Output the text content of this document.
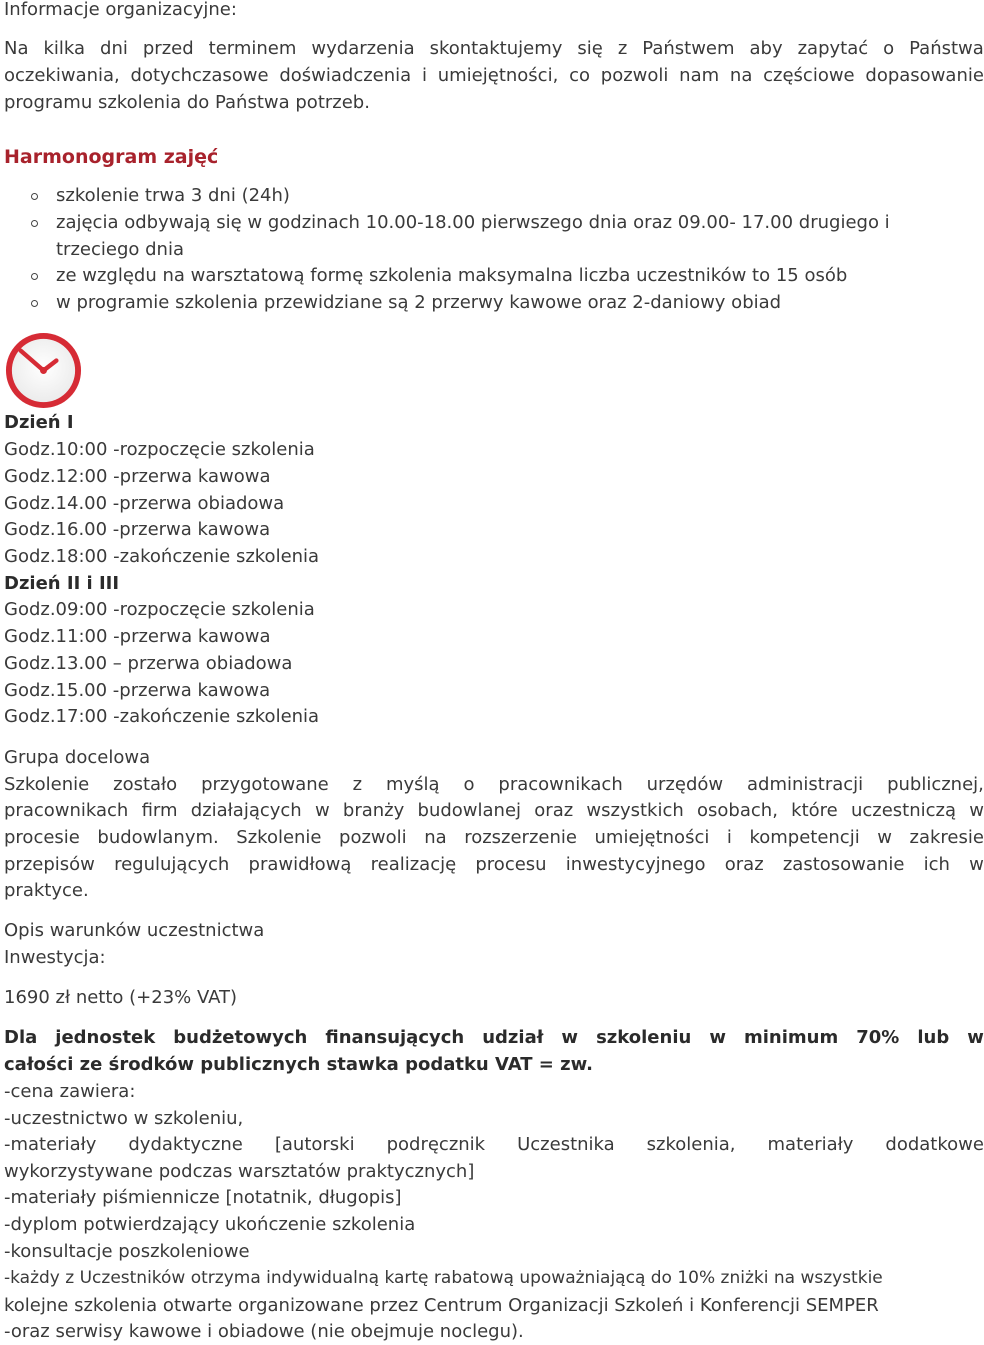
Informacje organizacyjne:
Na kilka dni przed terminem wydarzenia skontaktujemy się z Państwem aby zapytać o Państwa
oczekiwania, dotychczasowe doświadczenia i umiejętności, co pozwoli nam na częściowe dopasowanie
programu szkolenia do Państwa potrzeb.
Harmonogram zajęć
szkolenie trwa 3 dni (24h)
zajęcia odbywają się w godzinach 10.00-18.00 pierwszego dnia oraz 09.00- 17.00 drugiego i
trzeciego dnia
ze względu na warsztatową formę szkolenia maksymalna liczba uczestników to 15 osób
w programie szkolenia przewidziane są 2 przerwy kawowe oraz 2-daniowy obiad
Dzień I
Godz.10:00 -rozpoczęcie szkolenia
Godz.12:00 -przerwa kawowa
Godz.14.00 -przerwa obiadowa
Godz.16.00 -przerwa kawowa
Godz.18:00 -zakończenie szkolenia
Dzień II i III
Godz.09:00 -rozpoczęcie szkolenia
Godz.11:00 -przerwa kawowa
Godz.13.00 – przerwa obiadowa
Godz.15.00 -przerwa kawowa
Godz.17:00 -zakończenie szkolenia
Grupa docelowa
Szkolenie zostało przygotowane z myślą o pracownikach urzędów administracji publicznej,
pracownikach firm działających w branży budowlanej oraz wszystkich osobach, które uczestniczą w
procesie budowlanym. Szkolenie pozwoli na rozszerzenie umiejętności i kompetencji w zakresie
przepisów regulujących prawidłową realizację procesu inwestycyjnego oraz zastosowanie ich w
praktyce.
Opis warunków uczestnictwa
Inwestycja:
1690 zł netto (+23% VAT)
Dla jednostek budżetowych finansujących udział w szkoleniu w minimum 70% lub w
całości ze środków publicznych stawka podatku VAT = zw.
-cena zawiera:
-uczestnictwo w szkoleniu,
-materiały dydaktyczne [autorski podręcznik Uczestnika szkolenia, materiały dodatkowe
wykorzystywane podczas warsztatów praktycznych]
-materiały piśmiennicze [notatnik, długopis]
-dyplom potwierdzający ukończenie szkolenia
-konsultacje poszkoleniowe
-każdy z Uczestników otrzyma indywidualną kartę rabatową upoważniającą do 10% zniżki na wszystkie
kolejne szkolenia otwarte organizowane przez Centrum Organizacji Szkoleń i Konferencji SEMPER
-oraz serwisy kawowe i obiadowe (nie obejmuje noclegu).
